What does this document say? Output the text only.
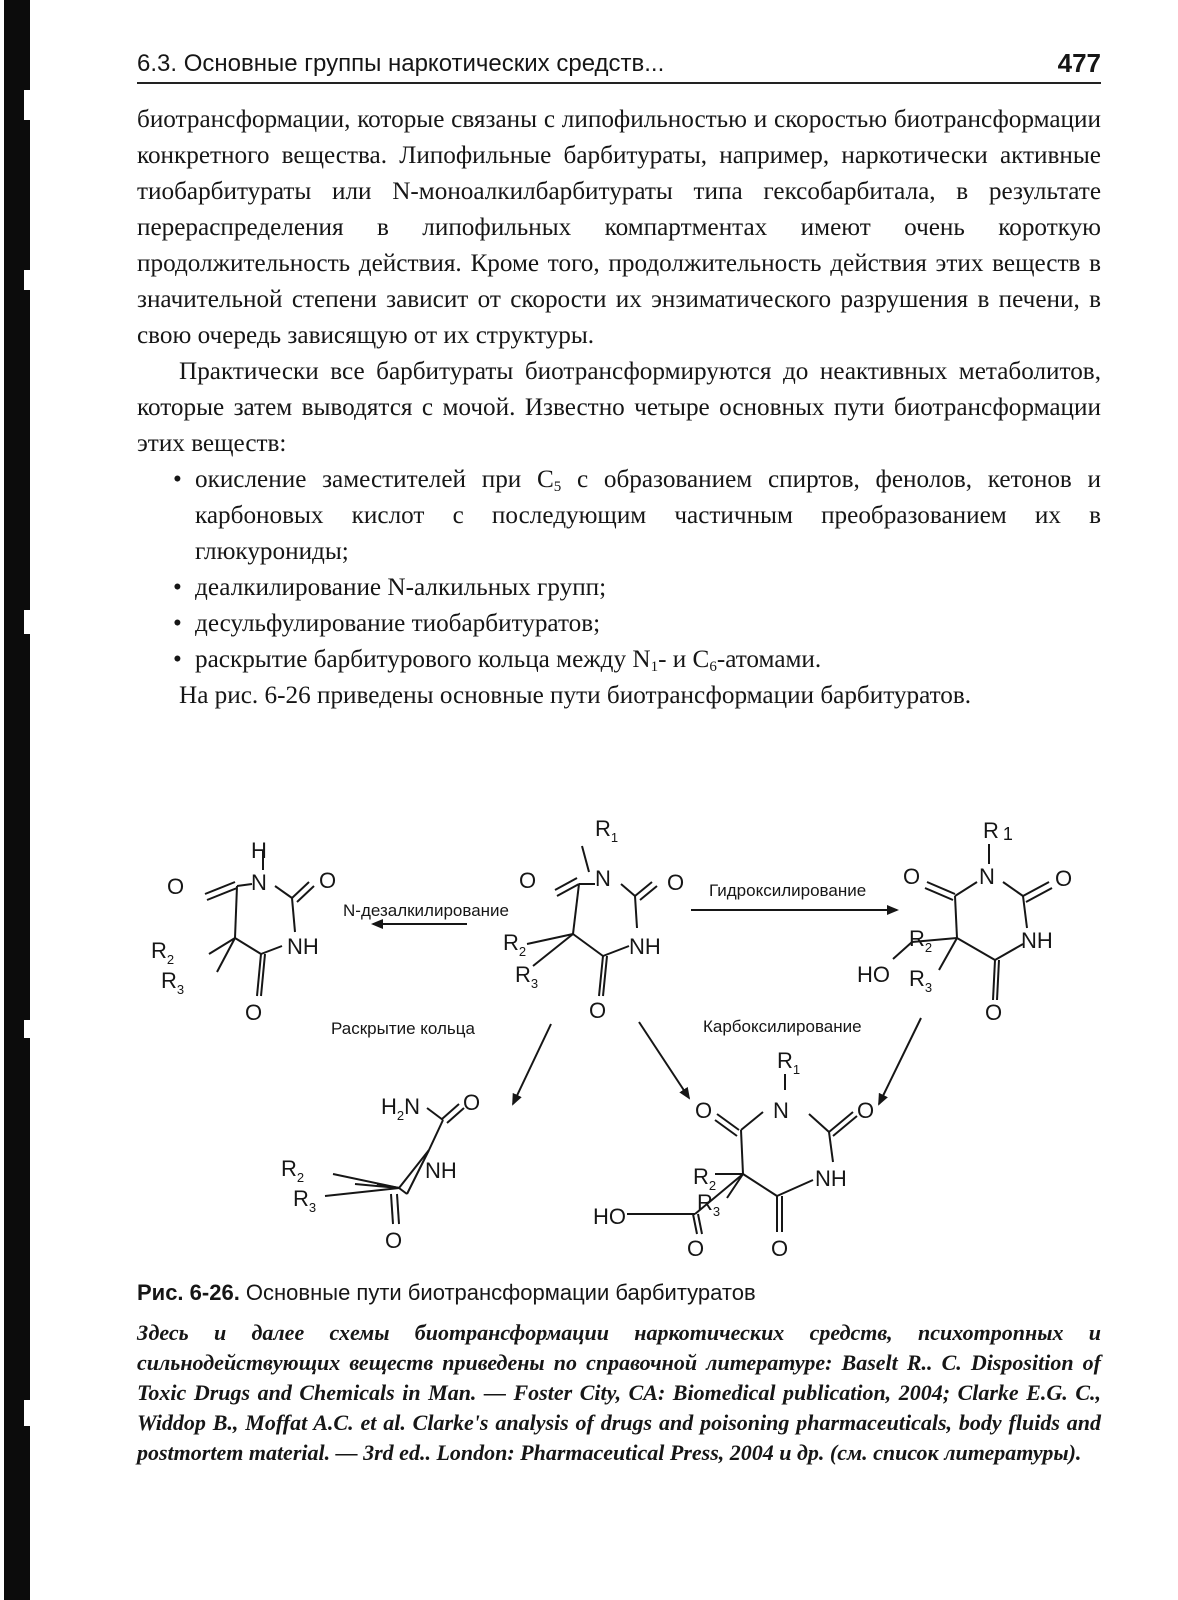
6.3. Основные группы наркотических средств...	477

биотрансформации, которые связаны с липофильностью и скоростью биотрансформации конкретного вещества. Липофильные барбитураты, например, наркотически активные тиобарбитураты или N-моноалкилбарбитураты типа гексобарбитала, в результате перераспределения в липофильных компартментах имеют очень короткую продолжительность действия. Кроме того, продолжительность действия этих веществ в значительной степени зависит от скорости их энзиматического разрушения в печени, в свою очередь зависящую от их структуры.

Практически все барбитураты биотрансформируются до неактивных метаболитов, которые затем выводятся с мочой. Известно четыре основных пути биотрансформации этих веществ:

• окисление заместителей при $C_5$ с образованием спиртов, фенолов, кетонов и карбоновых кислот с последующим частичным преобразованием их в глюкурониды;
• деалкилирование N-алкильных групп;
• десульфулирование тиобарбитуратов;
• раскрытие барбитурового кольца между $N_1-$ и $C_6$-атомами.

На рис. 6-26 приведены основные пути биотрансформации барбитуратов.

H
N
O	O
NH
$R_2$
$R_3$
O
$R_1$
N
O	O
NH
$R_2$
$R_3$
O
R 1
N
O	O
NH
$R_2$
HO $R_3$
O
$H_2N$ O
NH
$R_2$
$R_3$
O
$R_1$
N
O	O
NH
$R_2$
$R_3$
HO
O	O
N-дезалкилирование
Гидроксилирование
Раскрытие кольца	Карбоксилирование
Рис. 6-26. Основные пути биотрансформации барбитуратов
Здесь и далее схемы биотрансформации наркотических средств, психотропных и сильнодействующих веществ приведены по справочной литературе: Baselt R.. C. Disposition of Toxic Drugs and Chemicals in Man. — Foster City, CA: Biomedical publication, 2004; Clarke E.G. C., Widdop B., Moffat A.C. et al. Clarke's analysis of drugs and poisoning pharmaceuticals, body fluids and postmortem material. — 3rd ed.. London: Pharmaceutical Press, 2004 и др. (см. список литературы).
